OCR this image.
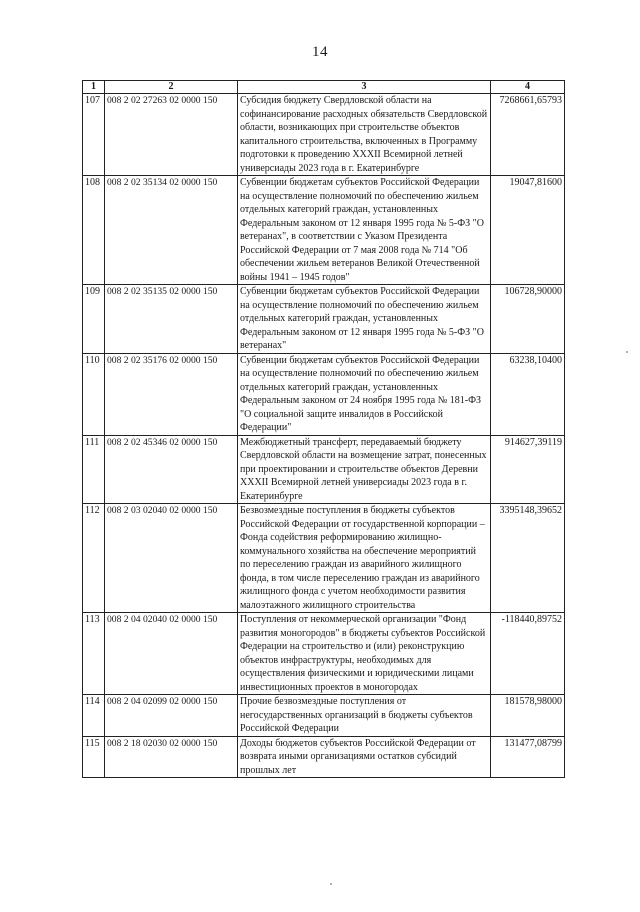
14
1	2	3	4
107	008 2 02 27263 02 0000 150	Субсидия бюджету Свердловской области на софинансирование расходных обязательств Свердловской области, возникающих при строительстве объектов капитального строительства, включенных в Программу подготовки к проведению XXXII Всемирной летней универсиады 2023 года в г. Екатеринбурге	7268661,65793
108	008 2 02 35134 02 0000 150	Субвенции бюджетам субъектов Российской Федерации на осуществление полномочий по обеспечению жильем отдельных категорий граждан, установленных Федеральным законом от 12 января 1995 года № 5-ФЗ "О ветеранах", в соответствии с Указом Президента Российской Федерации от 7 мая 2008 года № 714 "Об обеспечении жильем ветеранов Великой Отечественной войны 1941 – 1945 годов"	19047,81600
109	008 2 02 35135 02 0000 150	Субвенции бюджетам субъектов Российской Федерации на осуществление полномочий по обеспечению жильем отдельных категорий граждан, установленных Федеральным законом от 12 января 1995 года № 5-ФЗ "О ветеранах"	106728,90000
110	008 2 02 35176 02 0000 150	Субвенции бюджетам субъектов Российской Федерации на осуществление полномочий по обеспечению жильем отдельных категорий граждан, установленных Федеральным законом от 24 ноября 1995 года № 181-ФЗ "О социальной защите инвалидов в Российской Федерации"	63238,10400
111	008 2 02 45346 02 0000 150	Межбюджетный трансферт, передаваемый бюджету Свердловской области на возмещение затрат, понесенных при проектировании и строительстве объектов Деревни XXXII Всемирной летней универсиады 2023 года в г. Екатеринбурге	914627,39119
112	008 2 03 02040 02 0000 150	Безвозмездные поступления в бюджеты субъектов Российской Федерации от государственной корпорации – Фонда содействия реформированию жилищно-коммунального хозяйства на обеспечение мероприятий по переселению граждан из аварийного жилищного фонда, в том числе переселению граждан из аварийного жилищного фонда с учетом необходимости развития малоэтажного жилищного строительства	3395148,39652
113	008 2 04 02040 02 0000 150	Поступления от некоммерческой организации "Фонд развития моногородов" в бюджеты субъектов Российской Федерации на строительство и (или) реконструкцию объектов инфраструктуры, необходимых для осуществления физическими и юридическими лицами инвестиционных проектов в моногородах	-118440,89752
114	008 2 04 02099 02 0000 150	Прочие безвозмездные поступления от негосударственных организаций в бюджеты субъектов Российской Федерации	181578,98000
115	008 2 18 02030 02 0000 150	Доходы бюджетов субъектов Российской Федерации от возврата иными организациями остатков субсидий прошлых лет	131477,08799
